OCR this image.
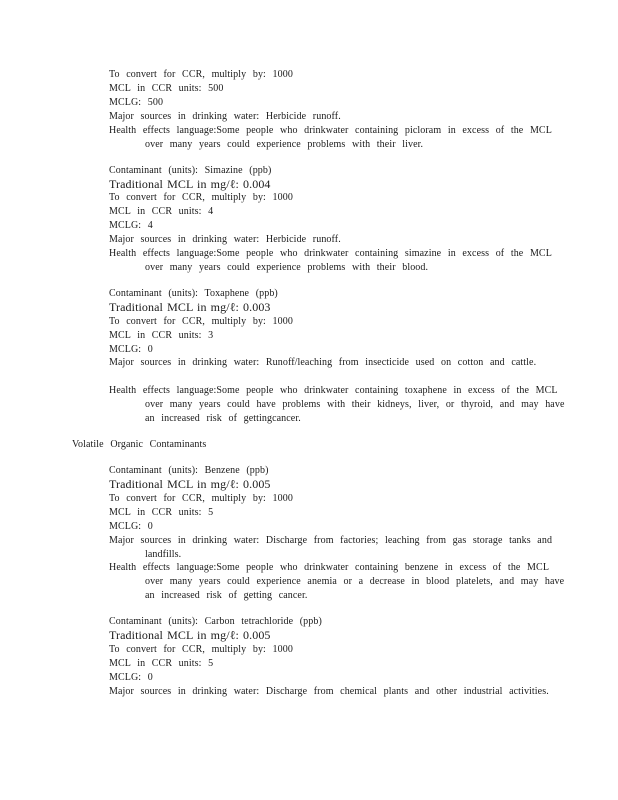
To convert for CCR, multiply by: 1000
MCL in CCR units: 500
MCLG: 500
Major sources in drinking water: Herbicide runoff.
Health effects language:Some people who drinkwater containing picloram in excess of the MCL over many years could experience problems with their liver.
Contaminant (units): Simazine (ppb)
Traditional MCL in mg/ℓ: 0.004
To convert for CCR, multiply by: 1000
MCL in CCR units: 4
MCLG: 4
Major sources in drinking water: Herbicide runoff.
Health effects language:Some people who drinkwater containing simazine in excess of the MCL over many years could experience problems with their blood.
Contaminant (units): Toxaphene (ppb)
Traditional MCL in mg/ℓ: 0.003
To convert for CCR, multiply by: 1000
MCL in CCR units: 3
MCLG: 0
Major sources in drinking water: Runoff/leaching from insecticide used on cotton and cattle.
Health effects language:Some people who drinkwater containing toxaphene in excess of the MCL over many years could have problems with their kidneys, liver, or thyroid, and may have an increased risk of gettingcancer.
Volatile Organic Contaminants
Contaminant (units): Benzene (ppb)
Traditional MCL in mg/ℓ: 0.005
To convert for CCR, multiply by: 1000
MCL in CCR units: 5
MCLG: 0
Major sources in drinking water: Discharge from factories; leaching from gas storage tanks and landfills.
Health effects language:Some people who drinkwater containing benzene in excess of the MCL over many years could experience anemia or a decrease in blood platelets, and may have an increased risk of getting cancer.
Contaminant (units): Carbon tetrachloride (ppb)
Traditional MCL in mg/ℓ: 0.005
To convert for CCR, multiply by: 1000
MCL in CCR units: 5
MCLG: 0
Major sources in drinking water: Discharge from chemical plants and other industrial activities.
